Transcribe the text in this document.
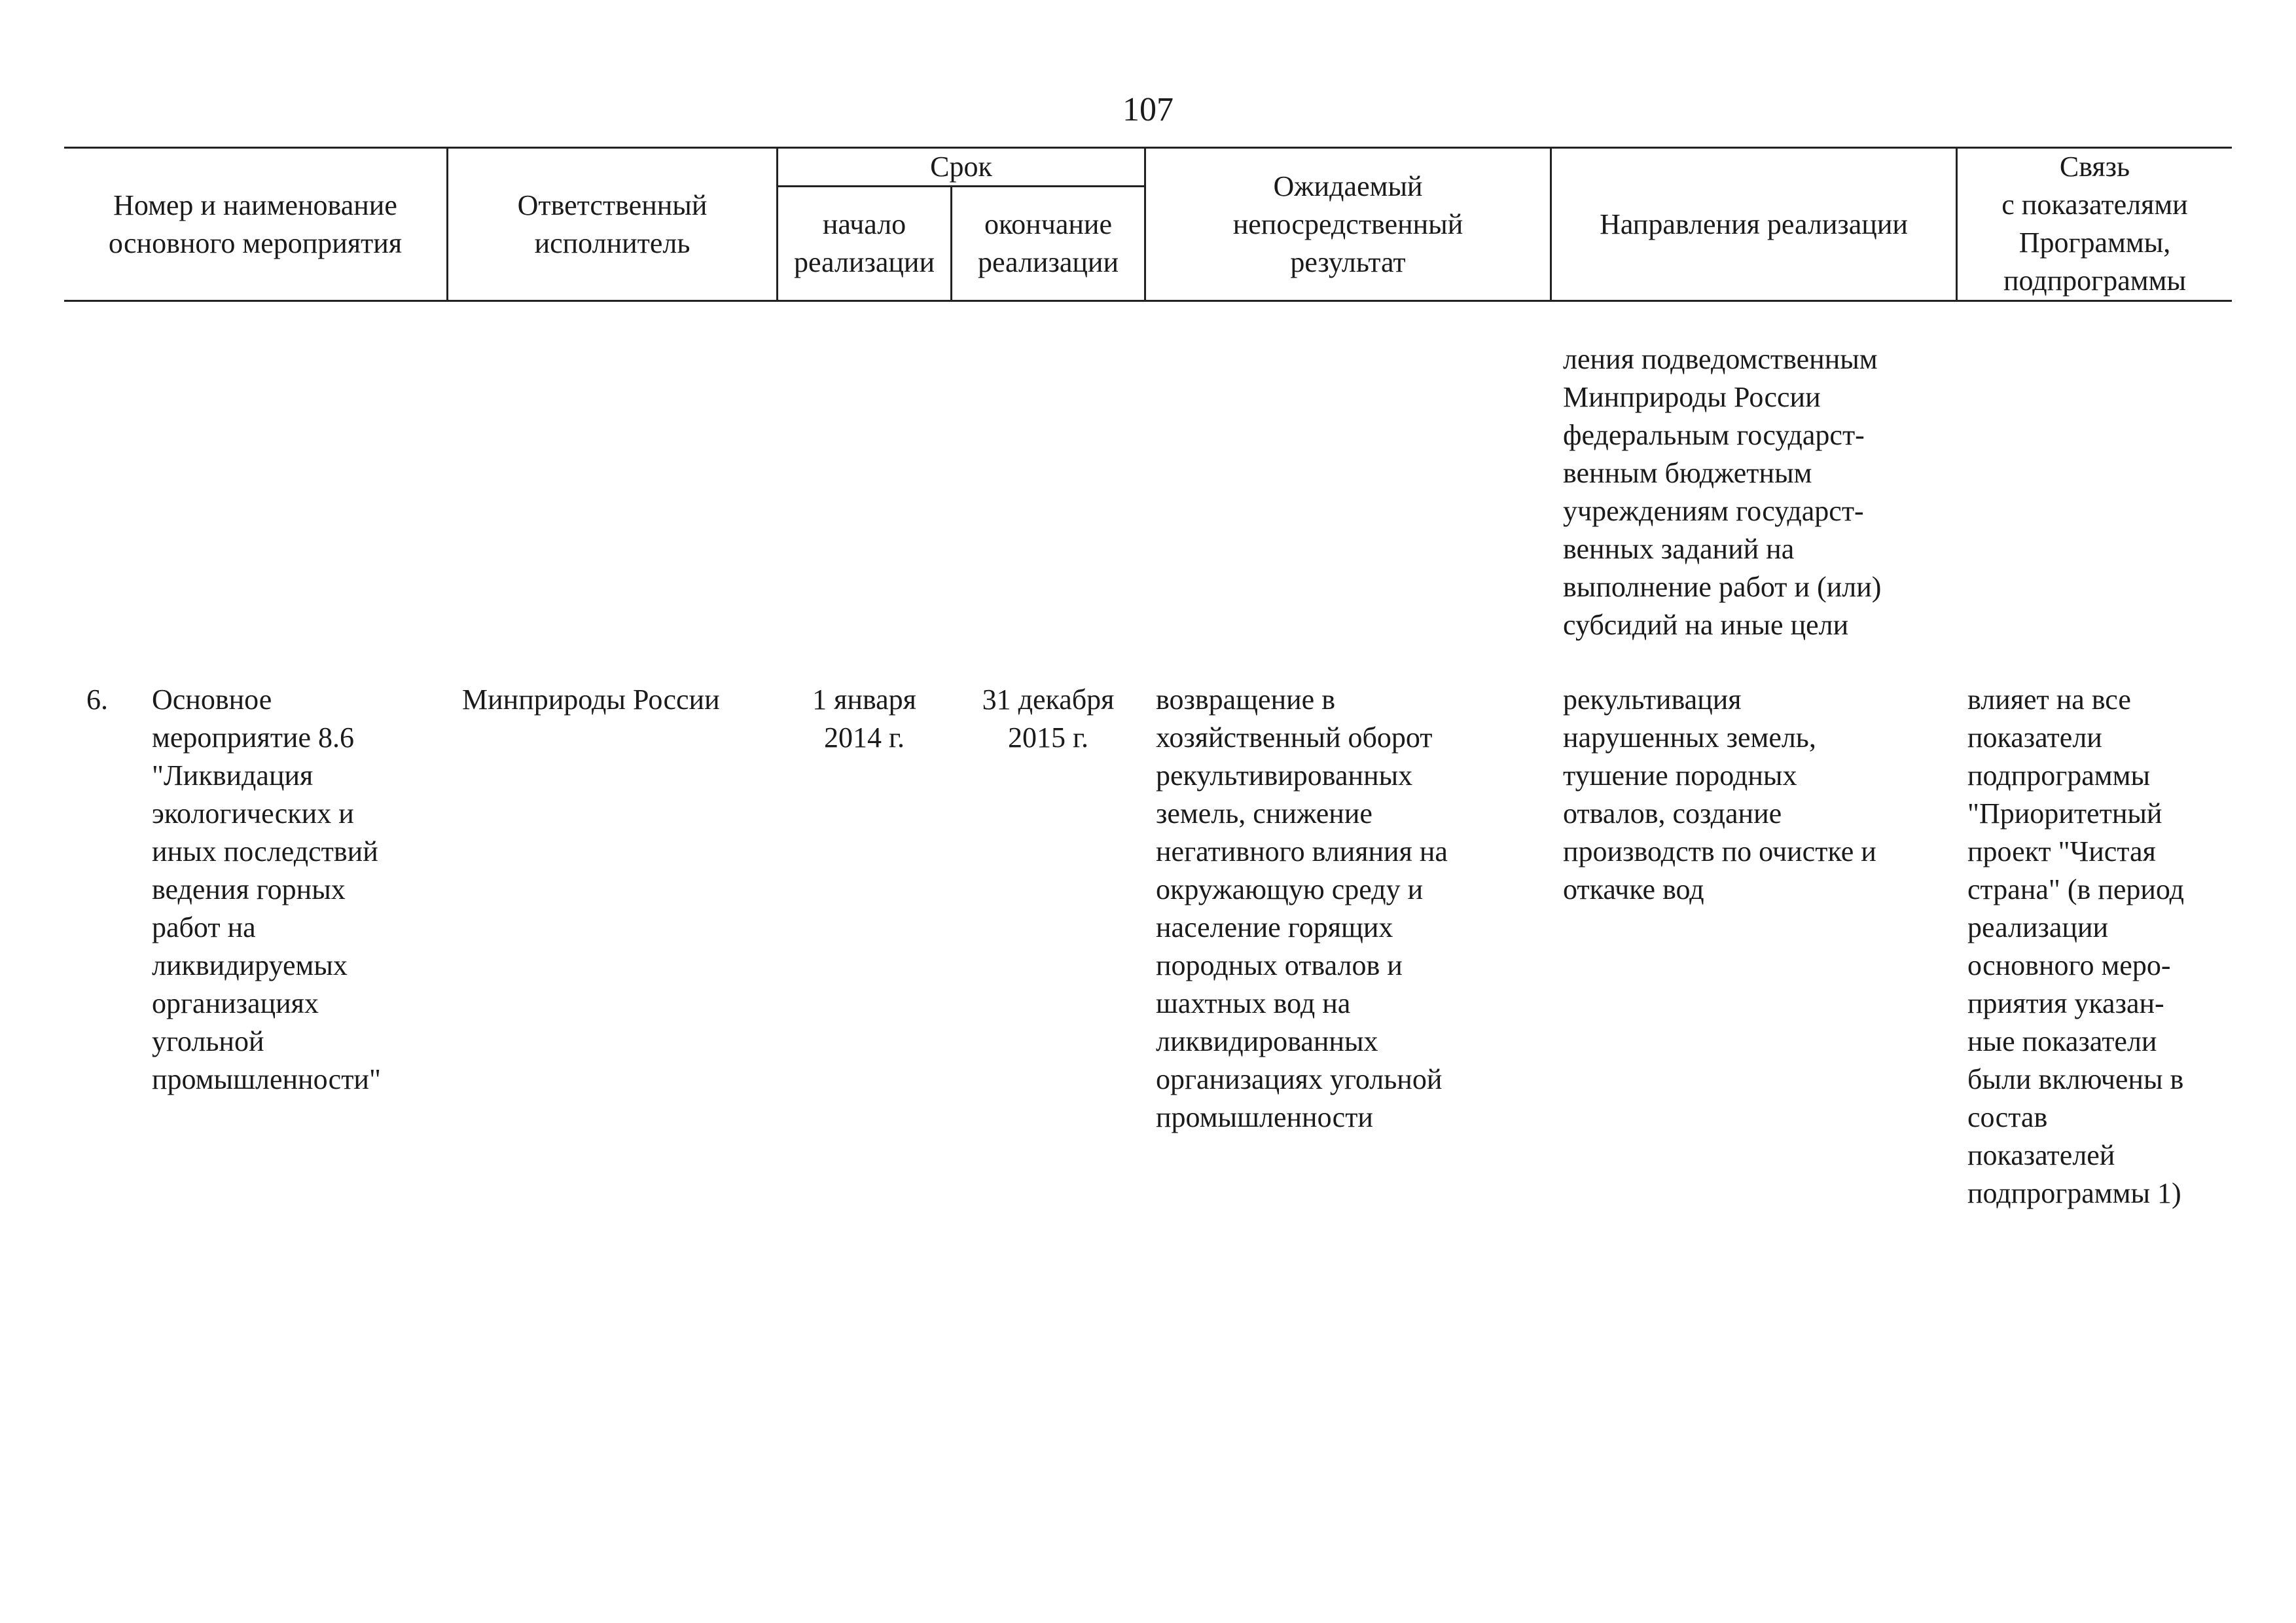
107
Номер и наименование
основного мероприятия
Ответственный
исполнитель
Срок
начало
реализации
окончание
реализации
Ожидаемый
непосредственный
результат
Направления реализации
Связь
с показателями
Программы,
подпрограммы
ления подведомственным
Минприроды России
федеральным государст-
венным бюджетным
учреждениям государст-
венных заданий на
выполнение работ и (или)
субсидий на иные цели
6. Основное
мероприятие 8.6
"Ликвидация
экологических и
иных последствий
ведения горных
работ на
ликвидируемых
организациях
угольной
промышленности"
Минприроды России	1 января
2014 г.
31 декабря
2015 г.
возвращение в
хозяйственный оборот
рекультивированных
земель, снижение
негативного влияния на
окружающую среду и
население горящих
породных отвалов и
шахтных вод на
ликвидированных
организациях угольной
промышленности
рекультивация
нарушенных земель,
тушение породных
отвалов, создание
производств по очистке и
откачке вод
влияет на все
показатели
подпрограммы
"Приоритетный
проект "Чистая
страна" (в период
реализации
основного меро-
приятия указан-
ные показатели
были включены в
состав
показателей
подпрограммы 1)
